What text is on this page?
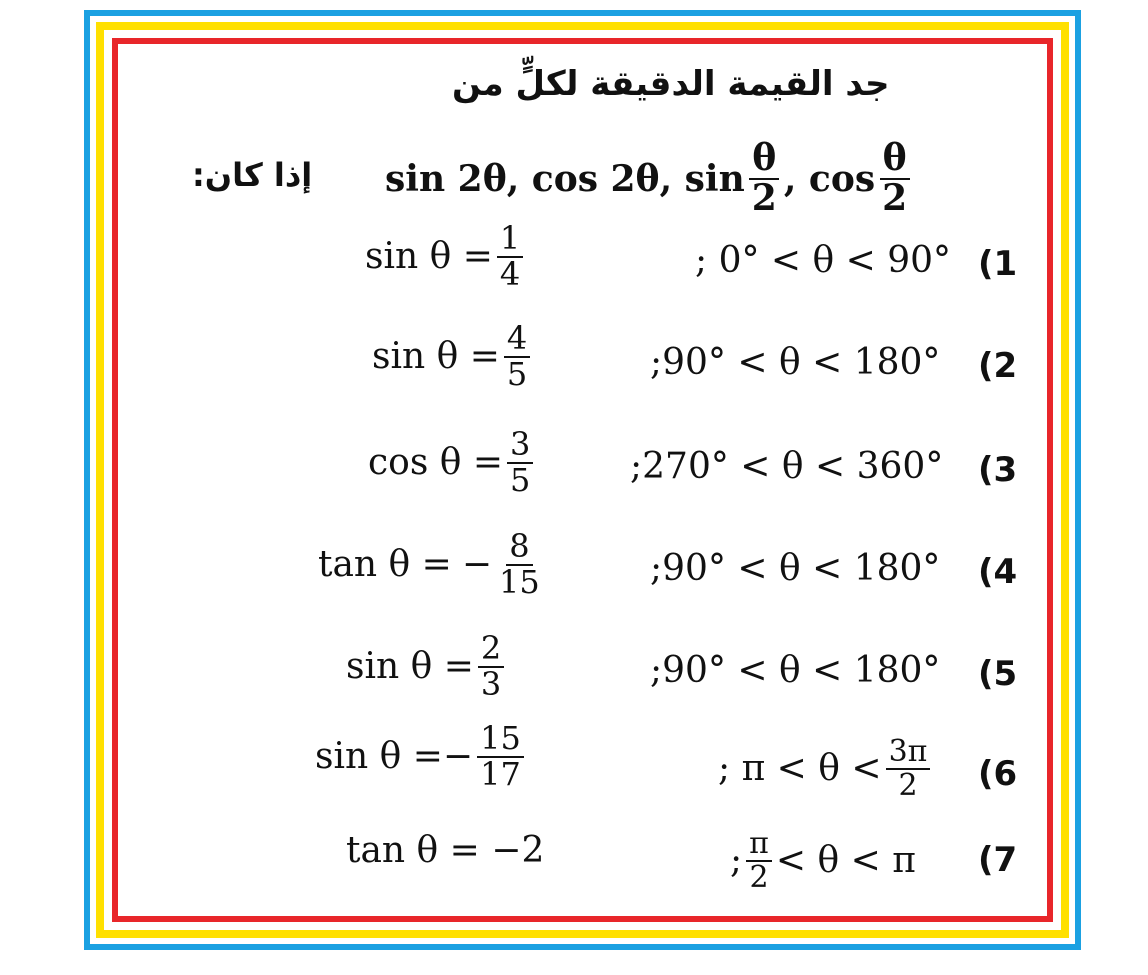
جد القيمة الدقيقة لكلٍّ من
إذا كان: sin 2θ, cos 2θ, $\sin \frac{\theta}{2}$ , $\cos \frac{\theta}{2}$
$\sin \theta = \frac{1}{4}$	; 0° < θ < 90° (1
$\sin \theta = \frac{4}{5}$	;90° < θ < 180° (2
$\cos \theta = \frac{3}{5}$	;270° < θ < 360° (3
tan θ = − $\frac{8}{15}$	;90° < θ < 180° (4
$\sin \theta = \frac{2}{3}$	;90° < θ < 180° (5
sin θ = − $\frac{15}{17}$	; $\pi < \theta < \frac{3\pi}{2} (6$
tan θ = −2	; $\frac{\pi}{2} < \theta < \pi$ (7
